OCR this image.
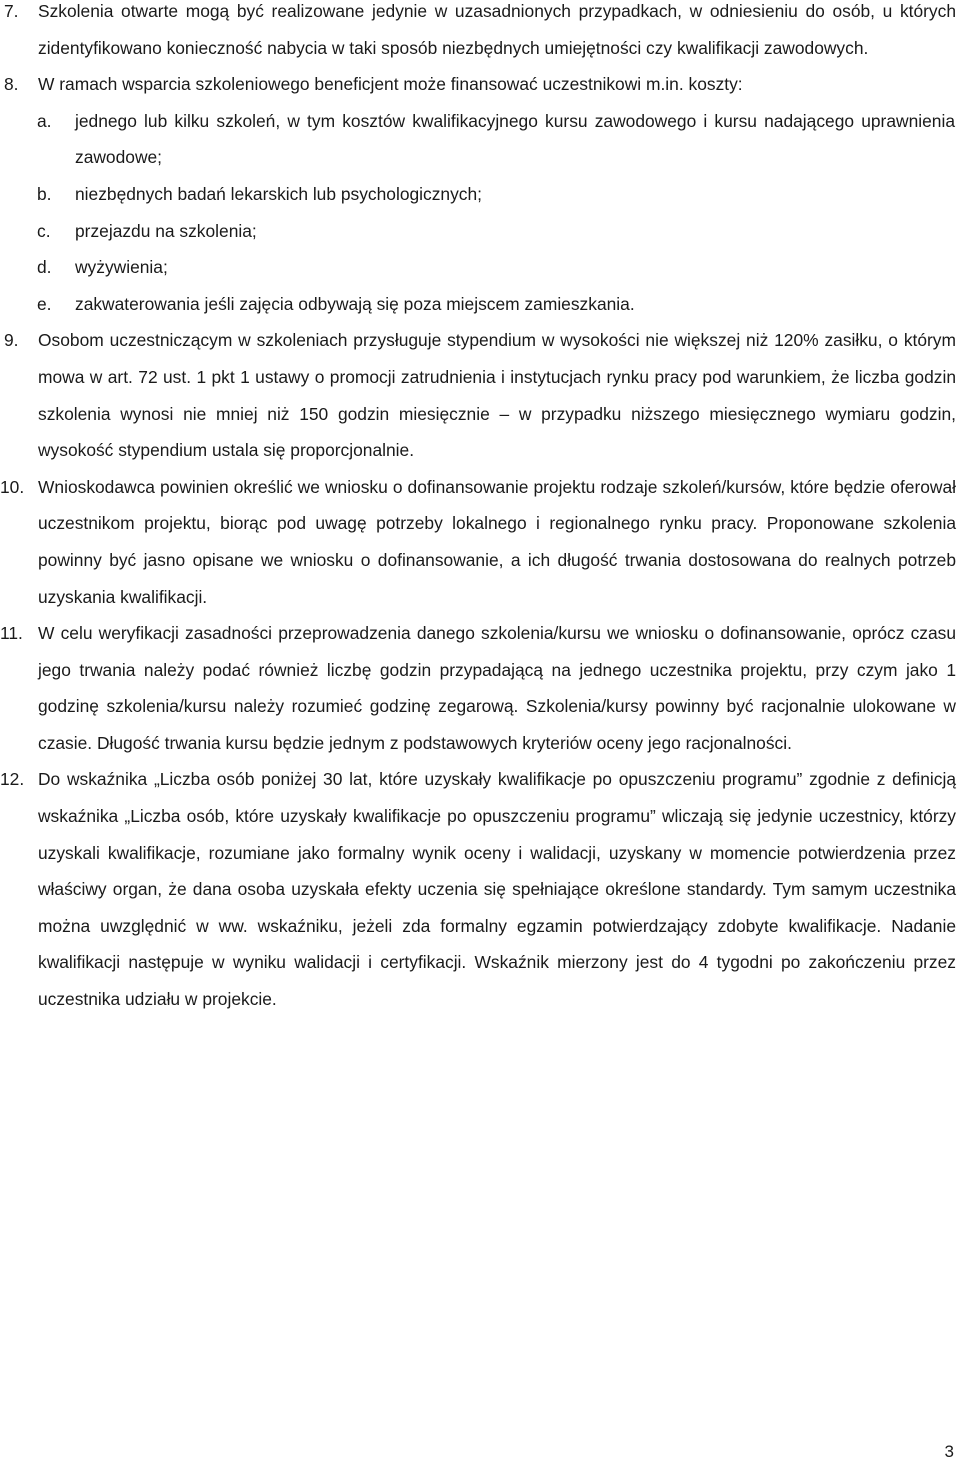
7. Szkolenia otwarte mogą być realizowane jedynie w uzasadnionych przypadkach, w odniesieniu do osób, u których zidentyfikowano konieczność nabycia w taki sposób niezbędnych umiejętności czy kwalifikacji zawodowych.
8. W ramach wsparcia szkoleniowego beneficjent może finansować uczestnikowi m.in. koszty:
a. jednego lub kilku szkoleń, w tym kosztów kwalifikacyjnego kursu zawodowego i kursu nadającego uprawnienia zawodowe;
b. niezbędnych badań lekarskich lub psychologicznych;
c. przejazdu na szkolenia;
d. wyżywienia;
e. zakwaterowania jeśli zajęcia odbywają się poza miejscem zamieszkania.
9. Osobom uczestniczącym w szkoleniach przysługuje stypendium w wysokości nie większej niż 120% zasiłku, o którym mowa w art. 72 ust. 1 pkt 1 ustawy o promocji zatrudnienia i instytucjach rynku pracy pod warunkiem, że liczba godzin szkolenia wynosi nie mniej niż 150 godzin miesięcznie – w przypadku niższego miesięcznego wymiaru godzin, wysokość stypendium ustala się proporcjonalnie.
10. Wnioskodawca powinien określić we wniosku o dofinansowanie projektu rodzaje szkoleń/kursów, które będzie oferował uczestnikom projektu, biorąc pod uwagę potrzeby lokalnego i regionalnego rynku pracy. Proponowane szkolenia powinny być jasno opisane we wniosku o dofinansowanie, a ich długość trwania dostosowana do realnych potrzeb uzyskania kwalifikacji.
11. W celu weryfikacji zasadności przeprowadzenia danego szkolenia/kursu we wniosku o dofinansowanie, oprócz czasu jego trwania należy podać również liczbę godzin przypadającą na jednego uczestnika projektu, przy czym jako 1 godzinę szkolenia/kursu należy rozumieć godzinę zegarową. Szkolenia/kursy powinny być racjonalnie ulokowane w czasie. Długość trwania kursu będzie jednym z podstawowych kryteriów oceny jego racjonalności.
12. Do wskaźnika „Liczba osób poniżej 30 lat, które uzyskały kwalifikacje po opuszczeniu programu” zgodnie z definicją wskaźnika „Liczba osób, które uzyskały kwalifikacje po opuszczeniu programu” wliczają się jedynie uczestnicy, którzy uzyskali kwalifikacje, rozumiane jako formalny wynik oceny i walidacji, uzyskany w momencie potwierdzenia przez właściwy organ, że dana osoba uzyskała efekty uczenia się spełniające określone standardy. Tym samym uczestnika można uwzględnić w ww. wskaźniku, jeżeli zda formalny egzamin potwierdzający zdobyte kwalifikacje. Nadanie kwalifikacji następuje w wyniku walidacji i certyfikacji. Wskaźnik mierzony jest do 4 tygodni po zakończeniu przez uczestnika udziału w projekcie.
3
